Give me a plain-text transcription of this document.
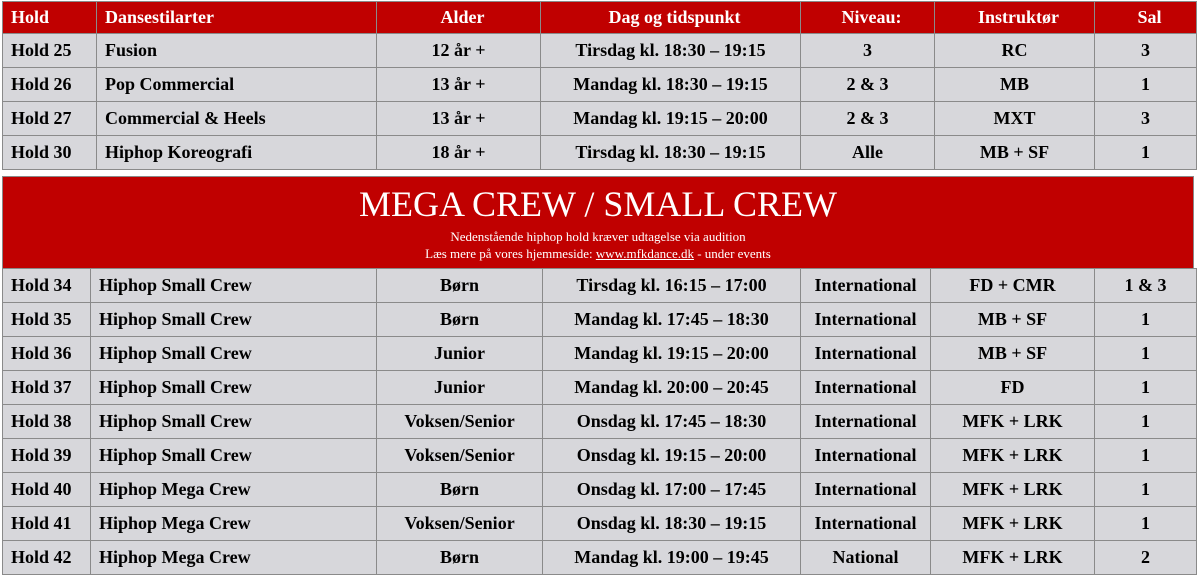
Hold	Dansestilarter	Alder	Dag og tidspunkt	Niveau:	Instruktør	Sal
Hold 25	Fusion	12 år +	Tirsdag kl. 18:30 – 19:15	3	RC	3
Hold 26	Pop Commercial	13 år +	Mandag kl. 18:30 – 19:15	2 & 3	MB	1
Hold 27	Commercial & Heels	13 år +	Mandag kl. 19:15 – 20:00	2 & 3	MXT	3
Hold 30	Hiphop Koreografi	18 år +	Tirsdag kl. 18:30 – 19:15	Alle	MB + SF	1
MEGA CREW / SMALL CREW
Nedenstående hiphop hold kræver udtagelse via audition
Læs mere på vores hjemmeside: www.mfkdance.dk - under events
Hold 34	Hiphop Small Crew	Børn	Tirsdag kl. 16:15 – 17:00	International	FD + CMR	1 & 3
Hold 35	Hiphop Small Crew	Børn	Mandag kl. 17:45 – 18:30	International	MB + SF	1
Hold 36	Hiphop Small Crew	Junior	Mandag kl. 19:15 – 20:00	International	MB + SF	1
Hold 37	Hiphop Small Crew	Junior	Mandag kl. 20:00 – 20:45	International	FD	1
Hold 38	Hiphop Small Crew	Voksen/Senior	Onsdag kl. 17:45 – 18:30	International	MFK + LRK	1
Hold 39	Hiphop Small Crew	Voksen/Senior	Onsdag kl. 19:15 – 20:00	International	MFK + LRK	1
Hold 40	Hiphop Mega Crew	Børn	Onsdag kl. 17:00 – 17:45	International	MFK + LRK	1
Hold 41	Hiphop Mega Crew	Voksen/Senior	Onsdag kl. 18:30 – 19:15	International	MFK + LRK	1
Hold 42	Hiphop Mega Crew	Børn	Mandag kl. 19:00 – 19:45	National	MFK + LRK	2
